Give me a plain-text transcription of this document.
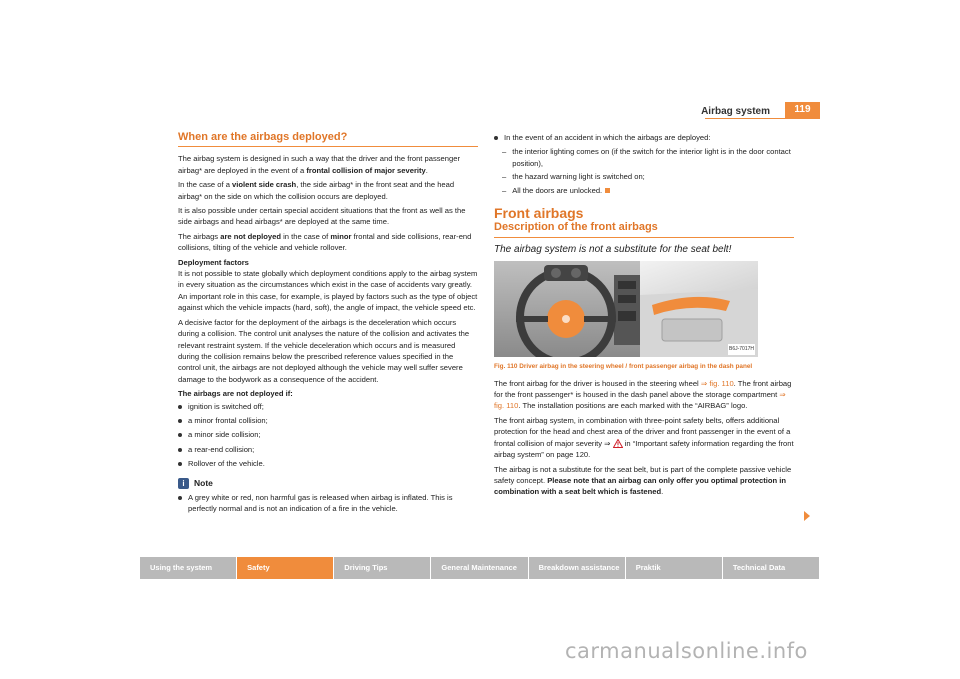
Airbag system	119
When are the airbags deployed?

The airbag system is designed in such a way that the driver and the front passenger airbag* are deployed in the event of a frontal collision of major severity.

In the case of a violent side crash, the side airbag* in the front seat and the head airbag* on the side on which the collision occurs are deployed.

It is also possible under certain special accident situations that the front as well as the side airbags and head airbags* are deployed at the same time.

The airbags are not deployed in the case of minor frontal and side collisions, rear-end collisions, tilting of the vehicle and vehicle rollover.

Deployment factors

It is not possible to state globally which deployment conditions apply to the airbag system in every situation as the circumstances which exist in the case of accidents vary greatly. An important role in this case, for example, is played by factors such as the type of object against which the vehicle impacts (hard, soft), the angle of impact, the vehicle speed etc.

A decisive factor for the deployment of the airbags is the deceleration which occurs during a collision. The control unit analyses the nature of the collision and activates the relevant restraint system. If the vehicle deceleration which occurs and is measured during the collision remains below the prescribed reference values specified in the control unit, the airbags are not deployed although the vehicle may well suffer severe damage to the bodywork as a consequence of the accident.

The airbags are not deployed if:

ignition is switched off;
a minor frontal collision;
a minor side collision;
a rear-end collision;
Rollover of the vehicle.
i	Note
A grey white or red, non harmful gas is released when airbag is inflated. This is perfectly normal and is not an indication of a fire in the vehicle.
In the event of an accident in which the airbags are deployed:
– the interior lighting comes on (if the switch for the interior light is in the door contact position),
– the hazard warning light is switched on;
– All the doors are unlocked.
Front airbags
Description of the front airbags
The airbag system is not a substitute for the seat belt!
B6J-7017H
Fig. 110 Driver airbag in the steering wheel / front passenger airbag in the dash panel

The front airbag for the driver is housed in the steering wheel ⇒ fig. 110. The front airbag for the front passenger* is housed in the dash panel above the storage compartment ⇒ fig. 110. The installation positions are each marked with the “AIRBAG” logo.

The front airbag system, in combination with three-point safety belts, offers additional protection for the head and chest area of the driver and front passenger in the event of a frontal collision of major severity ⇒  in “Important safety information regarding the front airbag system” on page 120.

The airbag is not a substitute for the seat belt, but is part of the complete passive vehicle safety concept. Please note that an airbag can only offer you optimal protection in combination with a seat belt which is fastened.

Using the system	Safety	Driving Tips	General Maintenance	Breakdown assistance	Praktik	Technical Data
carmanualsonline.info
